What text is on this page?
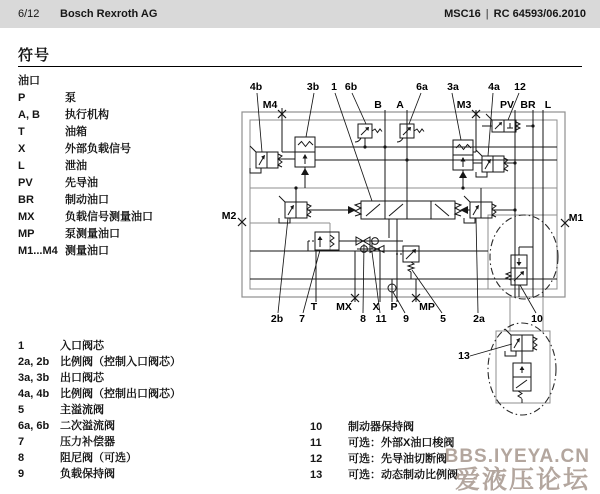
6/12 Bosch Rexroth AG	MSC16 | RC 64593/06.2010
符号
油口
P	泵
A, B 执行机构
T	油箱
X	外部负载信号
L	泄油
PV	先导油
BR	制动油口
MX	负载信号测量油口
MP	泵测量油口
M1...M4 测量油口
4b	3b 1 6b	6a 3a	4a 12
M4	B A	M3	PV BR L
M2	M1
T MX X P MP
2b 7	8 11 9	5	2a	10
13
1	入口阀芯
2a, 2b 比例阀（控制入口阀芯）
3a, 3b 出口阀芯
4a, 4b 比例阀（控制出口阀芯）
5	主溢流阀
6a, 6b 二次溢流阀
7	压力补偿器
8	阻尼阀（可选）
9	负载保持阀
10 制动器保持阀
11 可选：外部X油口梭阀
12 可选：先导油切断阀
13 可选：动态制动比例阀
BBS.IYEYA.CN
爱液压论坛
